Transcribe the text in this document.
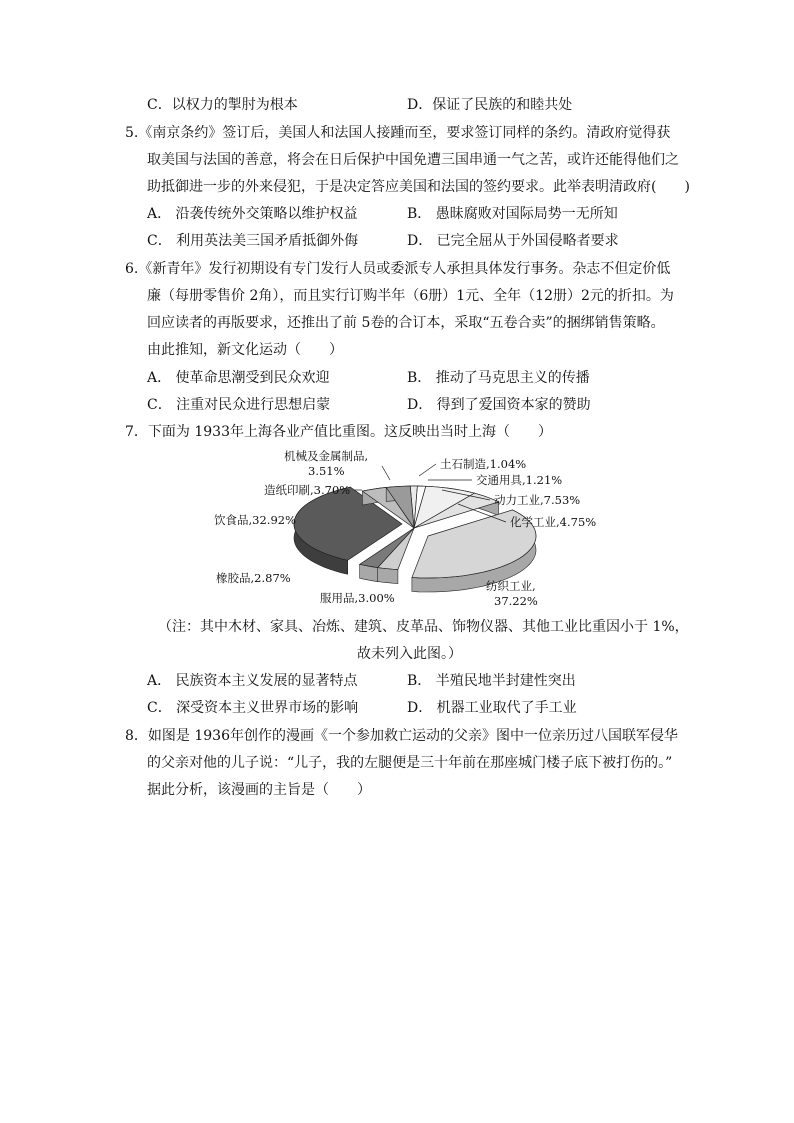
C．以权力的掣肘为根本	D．保证了民族的和睦共处
5.《南京条约》签订后，美国人和法国人接踵而至，要求签订同样的条约。清政府觉得获
取美国与法国的善意，将会在日后保护中国免遭三国串通一气之苦，或许还能得他们之
助抵御进一步的外来侵犯，于是决定答应美国和法国的签约要求。此举表明清政府(　　)
A． 沿袭传统外交策略以维护权益	B． 愚昧腐败对国际局势一无所知
C． 利用英法美三国矛盾抵御外侮	D． 已完全屈从于外国侵略者要求
6.《新青年》发行初期设有专门发行人员或委派专人承担具体发行事务。杂志不但定价低
廉（每册零售价 2角），而且实行订购半年（6册）1元、全年（12册）2元的折扣。为
回应读者的再版要求，还推出了前 5卷的合订本，采取“五卷合卖”的捆绑销售策略。
由此推知，新文化运动（　　）
A． 使革命思潮受到民众欢迎	B． 推动了马克思主义的传播
C． 注重对民众进行思想启蒙	D． 得到了爱国资本家的赞助
7．下面为 1933年上海各业产值比重图。这反映出当时上海（　　）
土石制造,1.04%
交通用具,1.21%
动力工业,7.53%
化学工业,4.75%
纺织工业,
37.22%
服用品,3.00%
橡胶品,2.87%
饮食品,32.92%
造纸印刷,3.70%
机械及金属制品,
3.51%
（注：其中木材、家具、冶炼、建筑、皮革品、饰物仪器、其他工业比重因小于 1%，
故未列入此图。）
A． 民族资本主义发展的显著特点	B． 半殖民地半封建性突出
C． 深受资本主义世界市场的影响	D． 机器工业取代了手工业
8．如图是 1936年创作的漫画《一个参加救亡运动的父亲》图中一位亲历过八国联军侵华
的父亲对他的儿子说：“儿子，我的左腿便是三十年前在那座城门楼子底下被打伤的。”
据此分析，该漫画的主旨是（　　）
